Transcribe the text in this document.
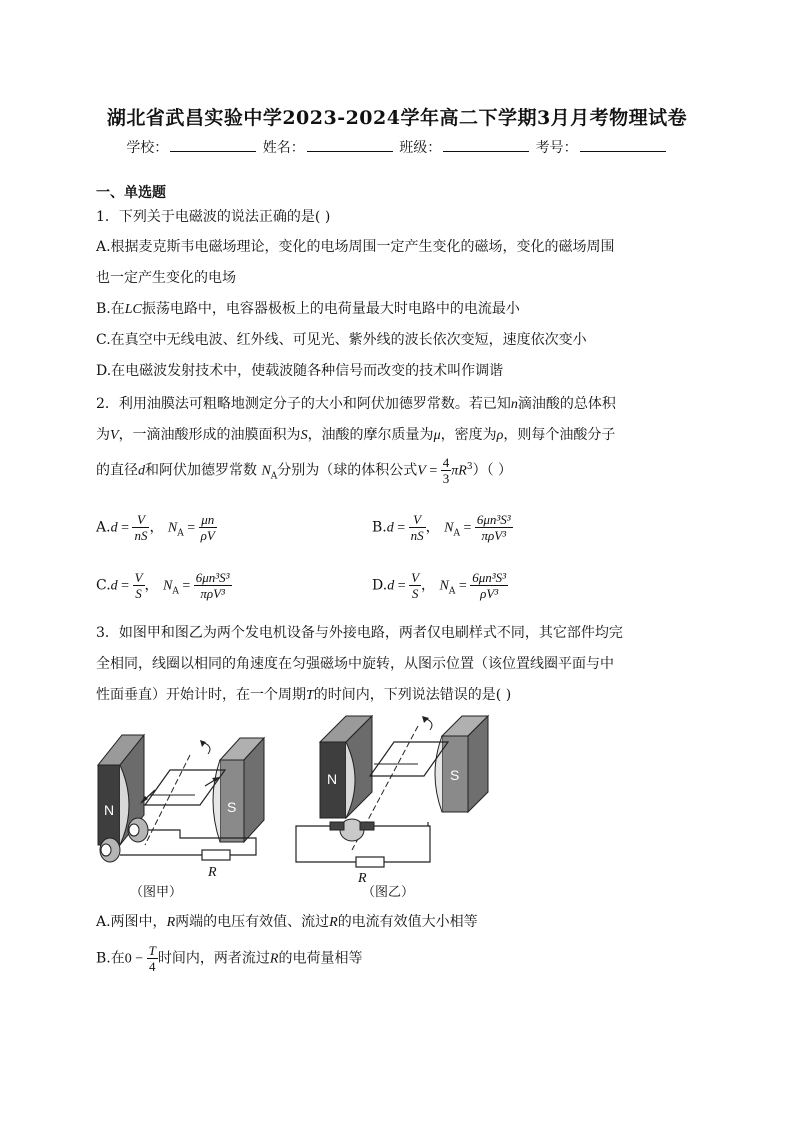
湖北省武昌实验中学2023-2024学年高二下学期3月月考物理试卷
学校：	姓名：	班级：	考号：
一、单选题
1．下列关于电磁波的说法正确的是( )
A.根据麦克斯韦电磁场理论，变化的电场周围一定产生变化的磁场，变化的磁场周围
也一定产生变化的电场
B.在LC振荡电路中，电容器极板上的电荷量最大时电路中的电流最小
C.在真空中无线电波、红外线、可见光、紫外线的波长依次变短，速度依次变小
D.在电磁波发射技术中，使载波随各种信号而改变的技术叫作调谐
2．利用油膜法可粗略地测定分子的大小和阿伏加德罗常数。若已知n滴油酸的总体积
为V，一滴油酸形成的油膜面积为S，油酸的摩尔质量为μ，密度为ρ，则每个油酸分子
的直径d和阿伏加德罗常数 $N_A$分别为（球的体积公式$V = \frac{4}{3} \pi R^3$）（ ）
$A.d = \frac{V}{nS}$ ， $N_A = \frac{\mu n}{\rho V}$	$B.d = \frac{V}{nS}$ ， $N_A = \frac{\text{6μn³S³}}{\text{πρV³}}$
$C.d = \frac{V}{S}$ ， $N_A = \frac{\text{6μn³S³}}{\text{πρV³}}$	$D.d = \frac{V}{S}$ ， $N_A = \frac{\text{6μn³S³}}{\text{ρV³}}$
3．如图甲和图乙为两个发电机设备与外接电路，两者仅电刷样式不同，其它部件均完
全相同，线圈以相同的角速度在匀强磁场中旋转，从图示位置（该位置线圈平面与中
性面垂直）开始计时，在一个周期T的时间内，下列说法错误的是( )
N	S
R
（图甲）
N	S
R
（图乙）
A.两图中，R两端的电压有效值、流过R的电流有效值大小相等
B.在$0 - \frac{T}{4}$ 时间内，两者流过R的电荷量相等
